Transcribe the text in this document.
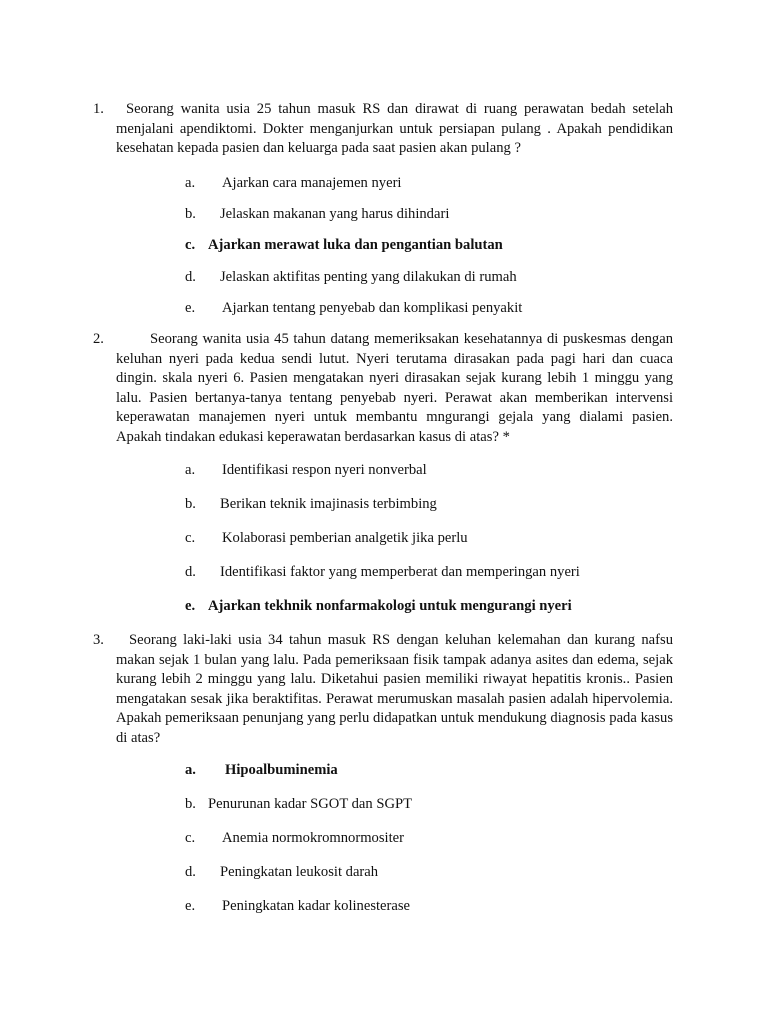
1.	Seorang wanita usia 25 tahun masuk RS dan dirawat di ruang perawatan bedah setelah menjalani apendiktomi. Dokter menganjurkan untuk persiapan pulang . Apakah pendidikan kesehatan kepada pasien dan keluarga pada saat pasien akan pulang ?
a. Ajarkan cara manajemen nyeri
b. Jelaskan makanan yang harus dihindari
c. Ajarkan merawat luka dan pengantian balutan
d. Jelaskan aktifitas penting yang dilakukan di rumah
e. Ajarkan tentang penyebab dan komplikasi penyakit
2.	Seorang wanita usia 45 tahun datang memeriksakan kesehatannya di puskesmas dengan keluhan nyeri pada kedua sendi lutut. Nyeri terutama dirasakan pada pagi hari dan cuaca dingin. skala nyeri 6. Pasien mengatakan nyeri dirasakan sejak kurang lebih 1 minggu yang lalu. Pasien bertanya-tanya tentang penyebab nyeri. Perawat akan memberikan intervensi keperawatan manajemen nyeri untuk membantu mngurangi gejala yang dialami pasien. Apakah tindakan edukasi keperawatan berdasarkan kasus di atas? *
a. Identifikasi respon nyeri nonverbal
b. Berikan teknik imajinasis terbimbing
c. Kolaborasi pemberian analgetik jika perlu
d. Identifikasi faktor yang memperberat dan memperingan nyeri
e. Ajarkan tekhnik nonfarmakologi untuk mengurangi nyeri
3.	Seorang laki-laki usia 34 tahun masuk RS dengan keluhan kelemahan dan kurang nafsu makan sejak 1 bulan yang lalu. Pada pemeriksaan fisik tampak adanya asites dan edema, sejak kurang lebih 2 minggu yang lalu. Diketahui pasien memiliki riwayat hepatitis kronis.. Pasien mengatakan sesak jika beraktifitas. Perawat merumuskan masalah pasien adalah hipervolemia. Apakah pemeriksaan penunjang yang perlu didapatkan untuk mendukung diagnosis pada kasus di atas?
a. Hipoalbuminemia
b. Penurunan kadar SGOT dan SGPT
c. Anemia normokromnormositer
d. Peningkatan leukosit darah
e. Peningkatan kadar kolinesterase
